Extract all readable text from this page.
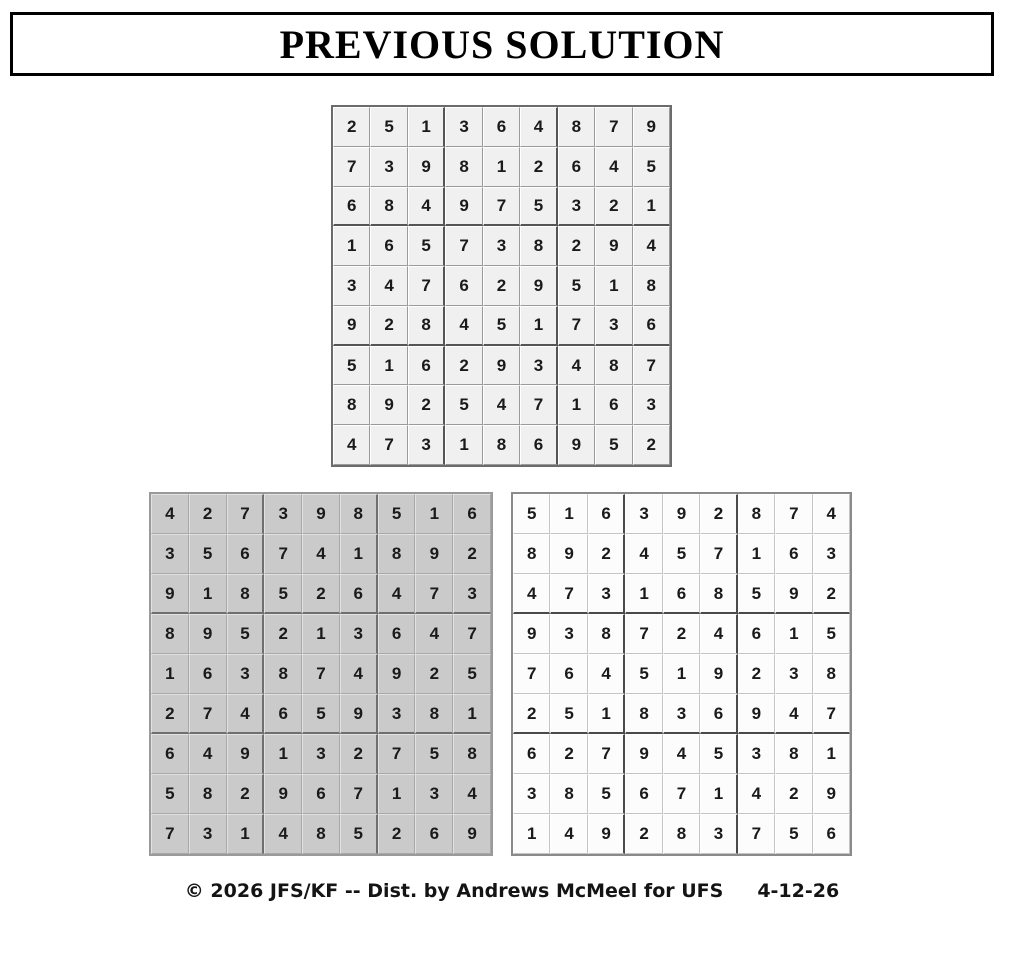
PREVIOUS SOLUTION
2	5	1	3	6	4	8	7	9
7	3	9	8	1	2	6	4	5
6	8	4	9	7	5	3	2	1
1	6	5	7	3	8	2	9	4
3	4	7	6	2	9	5	1	8
9	2	8	4	5	1	7	3	6
5	1	6	2	9	3	4	8	7
8	9	2	5	4	7	1	6	3
4	7	3	1	8	6	9	5	2
4	2	7	3	9	8	5	1	6
3	5	6	7	4	1	8	9	2
9	1	8	5	2	6	4	7	3
8	9	5	2	1	3	6	4	7
1	6	3	8	7	4	9	2	5
2	7	4	6	5	9	3	8	1
6	4	9	1	3	2	7	5	8
5	8	2	9	6	7	1	3	4
7	3	1	4	8	5	2	6	9
5	1	6	3	9	2	8	7	4
8	9	2	4	5	7	1	6	3
4	7	3	1	6	8	5	9	2
9	3	8	7	2	4	6	1	5
7	6	4	5	1	9	2	3	8
2	5	1	8	3	6	9	4	7
6	2	7	9	4	5	3	8	1
3	8	5	6	7	1	4	2	9
1	4	9	2	8	3	7	5	6
© 2026 JFS/KF -- Dist. by Andrews McMeel for UFS 4-12-26
